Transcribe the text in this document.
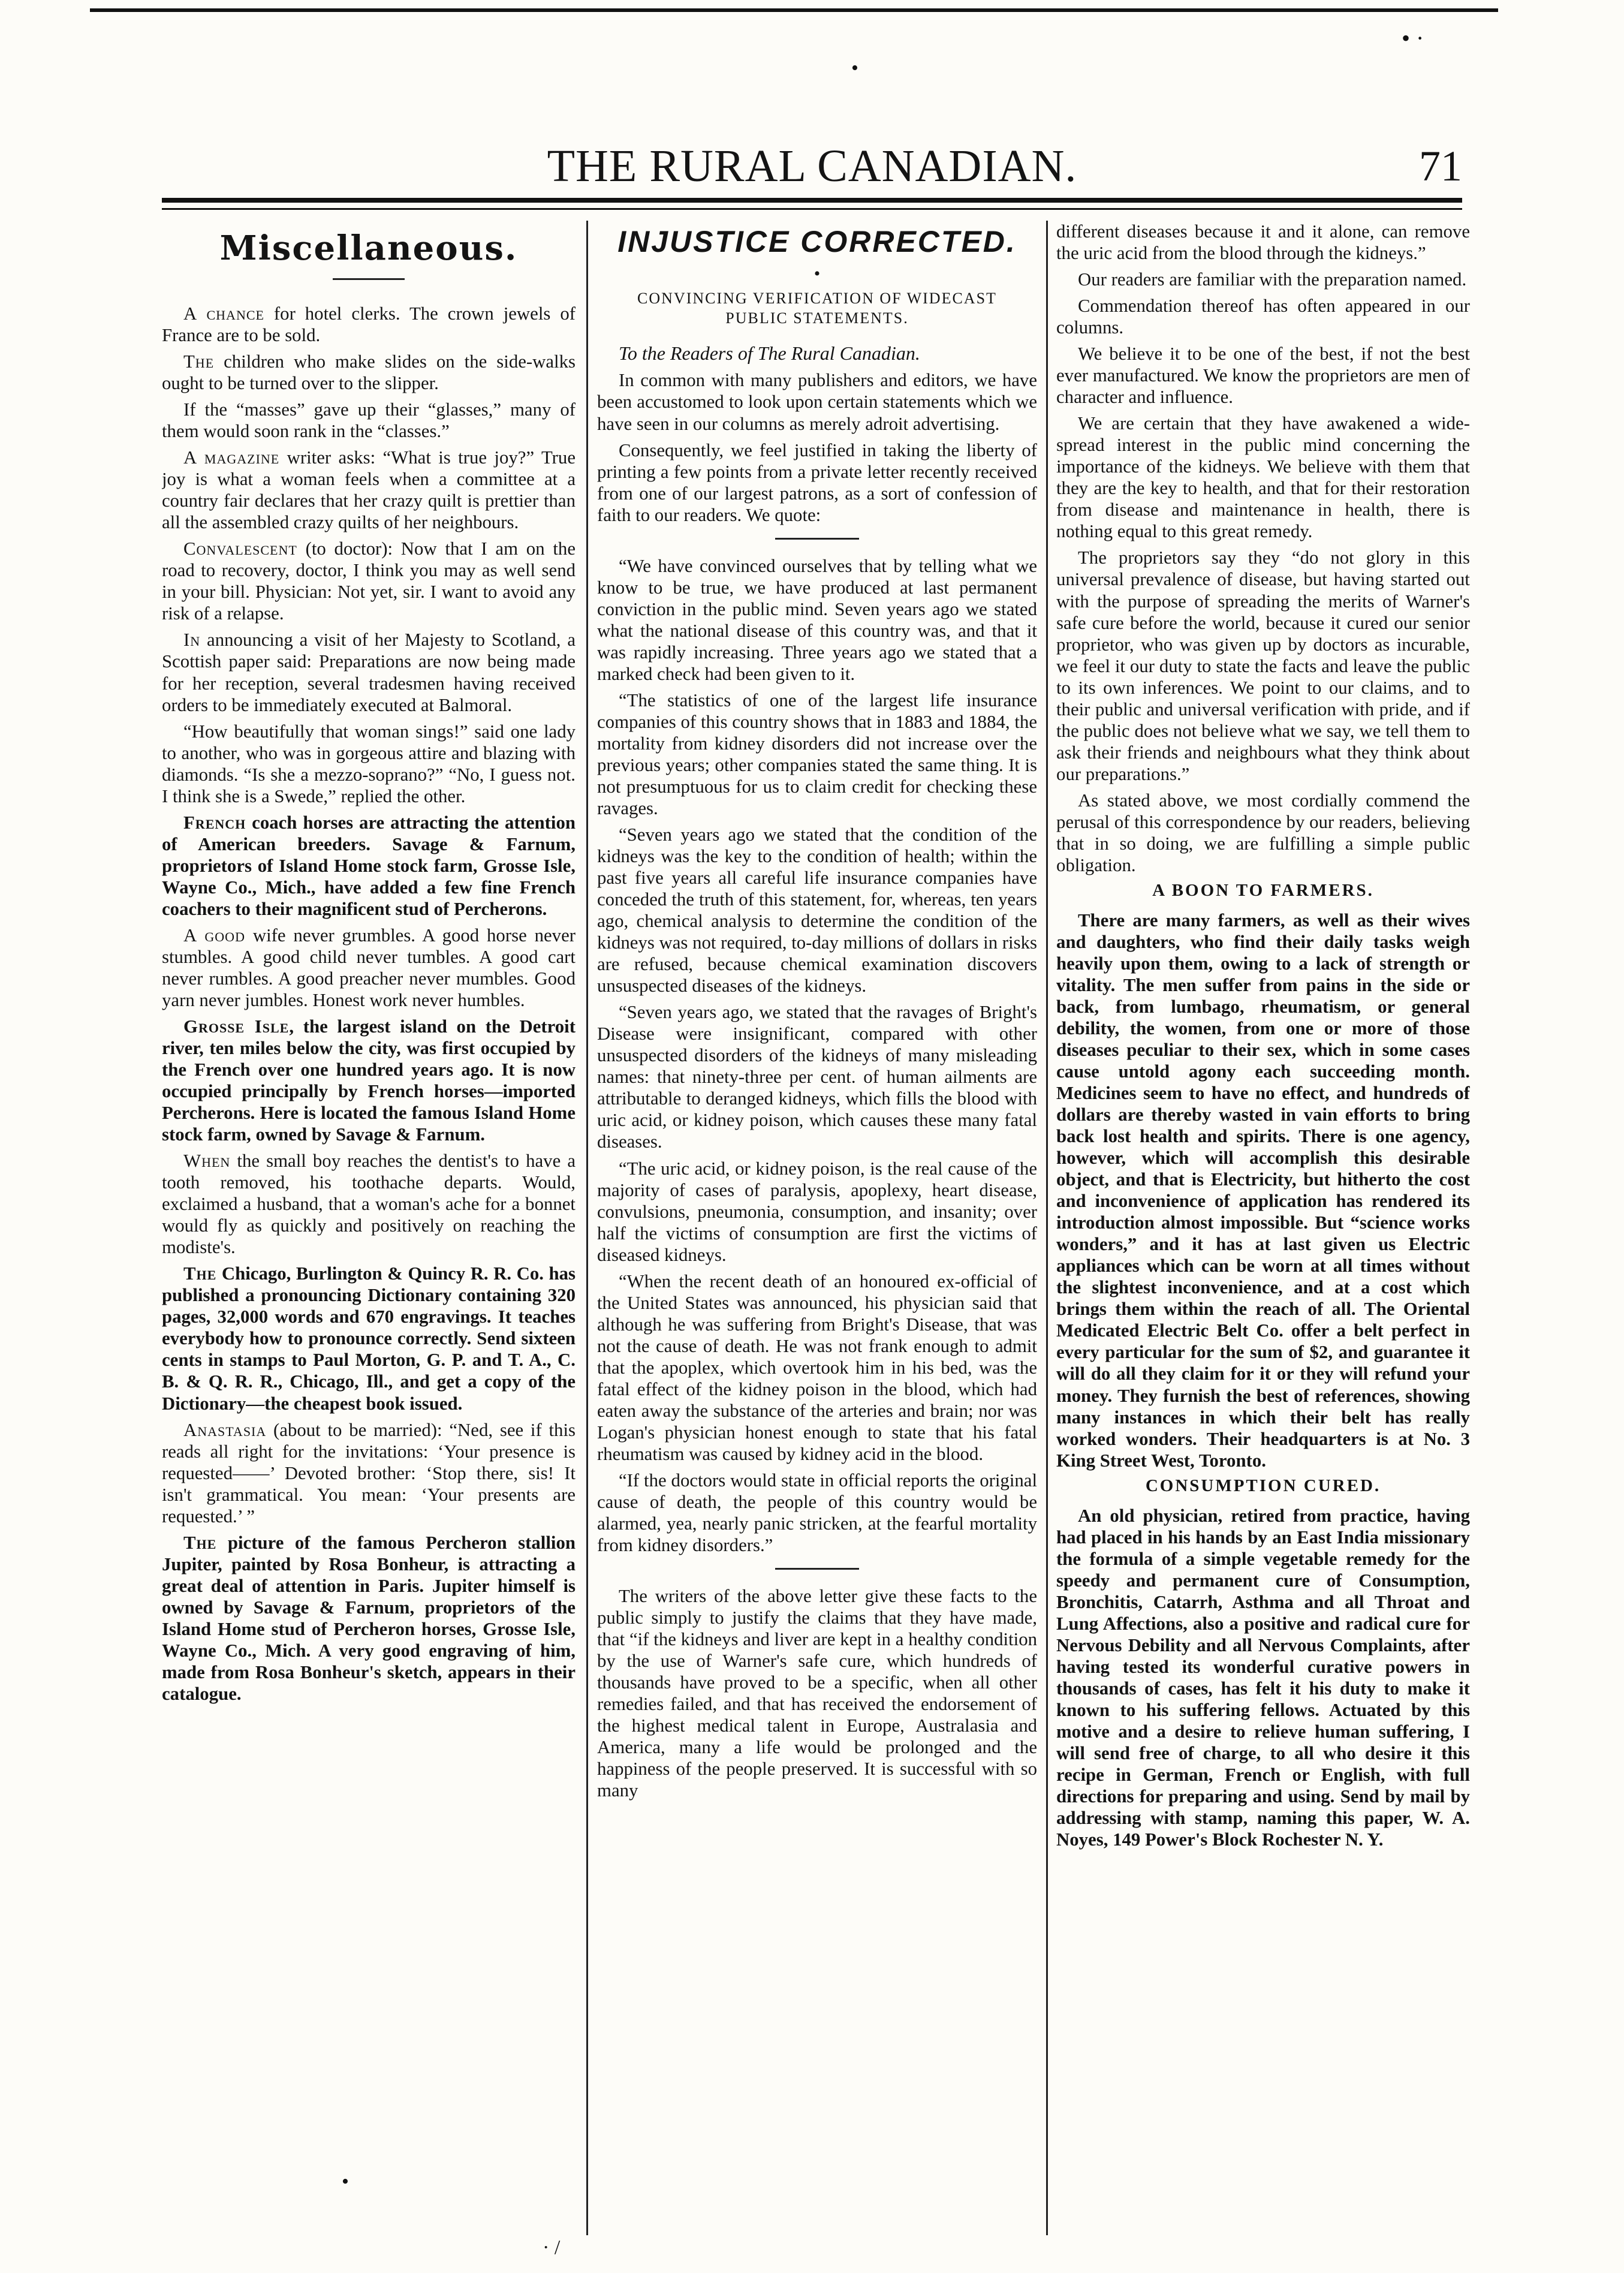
• ·
•
•
· /
THE RURAL CANADIAN.	71
Miscellaneous.

A chance for hotel clerks. The crown jewels of France are to be sold.

The children who make slides on the side-walks ought to be turned over to the slipper.

If the “masses” gave up their “glasses,” many of them would soon rank in the “classes.”

A magazine writer asks: “What is true joy?” True joy is what a woman feels when a committee at a country fair declares that her crazy quilt is prettier than all the assembled crazy quilts of her neighbours.

Convalescent (to doctor): Now that I am on the road to recovery, doctor, I think you may as well send in your bill. Physician: Not yet, sir. I want to avoid any risk of a relapse.

In announcing a visit of her Majesty to Scotland, a Scottish paper said: Preparations are now being made for her reception, several tradesmen having received orders to be immediately executed at Balmoral.

“How beautifully that woman sings!” said one lady to another, who was in gorgeous attire and blazing with diamonds. “Is she a mezzo-soprano?” “No, I guess not. I think she is a Swede,” replied the other.

French coach horses are attracting the attention of American breeders. Savage & Farnum, proprietors of Island Home stock farm, Grosse Isle, Wayne Co., Mich., have added a few fine French coachers to their magnificent stud of Percherons.

A good wife never grumbles. A good horse never stumbles. A good child never tumbles. A good cart never rumbles. A good preacher never mumbles. Good yarn never jumbles. Honest work never humbles.

Grosse Isle, the largest island on the Detroit river, ten miles below the city, was first occupied by the French over one hundred years ago. It is now occupied principally by French horses—imported Percherons. Here is located the famous Island Home stock farm, owned by Savage & Farnum.

When the small boy reaches the dentist's to have a tooth removed, his toothache departs. Would, exclaimed a husband, that a woman's ache for a bonnet would fly as quickly and positively on reaching the modiste's.

The Chicago, Burlington & Quincy R. R. Co. has published a pronouncing Dictionary containing 320 pages, 32,000 words and 670 engravings. It teaches everybody how to pronounce correctly. Send sixteen cents in stamps to Paul Morton, G. P. and T. A., C. B. & Q. R. R., Chicago, Ill., and get a copy of the Dictionary—the cheapest book issued.

Anastasia (about to be married): “Ned, see if this reads all right for the invitations: ‘Your presence is requested——’ Devoted brother: ‘Stop there, sis! It isn't grammatical. You mean: ‘Your presents are requested.’ ”

The picture of the famous Percheron stallion Jupiter, painted by Rosa Bonheur, is attracting a great deal of attention in Paris. Jupiter himself is owned by Savage & Farnum, proprietors of the Island Home stud of Percheron horses, Grosse Isle, Wayne Co., Mich. A very good engraving of him, made from Rosa Bonheur's sketch, appears in their catalogue.

INJUSTICE CORRECTED.
•
CONVINCING VERIFICATION OF WIDECAST PUBLIC STATEMENTS.

To the Readers of The Rural Canadian.

In common with many publishers and editors, we have been accustomed to look upon certain statements which we have seen in our columns as merely adroit advertising.

Consequently, we feel justified in taking the liberty of printing a few points from a private letter recently received from one of our largest patrons, as a sort of confession of faith to our readers. We quote:

“We have convinced ourselves that by telling what we know to be true, we have produced at last permanent conviction in the public mind. Seven years ago we stated what the national disease of this country was, and that it was rapidly increasing. Three years ago we stated that a marked check had been given to it.

“The statistics of one of the largest life insurance companies of this country shows that in 1883 and 1884, the mortality from kidney disorders did not increase over the previous years; other companies stated the same thing. It is not presumptuous for us to claim credit for checking these ravages.

“Seven years ago we stated that the condition of the kidneys was the key to the condition of health; within the past five years all careful life insurance companies have conceded the truth of this statement, for, whereas, ten years ago, chemical analysis to determine the condition of the kidneys was not required, to-day millions of dollars in risks are refused, because chemical examination discovers unsuspected diseases of the kidneys.

“Seven years ago, we stated that the ravages of Bright's Disease were insignificant, compared with other unsuspected disorders of the kidneys of many misleading names: that ninety-three per cent. of human ailments are attributable to deranged kidneys, which fills the blood with uric acid, or kidney poison, which causes these many fatal diseases.

“The uric acid, or kidney poison, is the real cause of the majority of cases of paralysis, apoplexy, heart disease, convulsions, pneumonia, consumption, and insanity; over half the victims of consumption are first the victims of diseased kidneys.

“When the recent death of an honoured ex-official of the United States was announced, his physician said that although he was suffering from Bright's Disease, that was not the cause of death. He was not frank enough to admit that the apoplex, which overtook him in his bed, was the fatal effect of the kidney poison in the blood, which had eaten away the substance of the arteries and brain; nor was Logan's physician honest enough to state that his fatal rheumatism was caused by kidney acid in the blood.

“If the doctors would state in official reports the original cause of death, the people of this country would be alarmed, yea, nearly panic stricken, at the fearful mortality from kidney disorders.”

The writers of the above letter give these facts to the public simply to justify the claims that they have made, that “if the kidneys and liver are kept in a healthy condition by the use of Warner's safe cure, which hundreds of thousands have proved to be a specific, when all other remedies failed, and that has received the endorsement of the highest medical talent in Europe, Australasia and America, many a life would be prolonged and the happiness of the people preserved. It is successful with so many

different diseases because it and it alone, can remove the uric acid from the blood through the kidneys.”

Our readers are familiar with the preparation named.

Commendation thereof has often appeared in our columns.

We believe it to be one of the best, if not the best ever manufactured. We know the proprietors are men of character and influence.

We are certain that they have awakened a wide-spread interest in the public mind concerning the importance of the kidneys. We believe with them that they are the key to health, and that for their restoration from disease and maintenance in health, there is nothing equal to this great remedy.

The proprietors say they “do not glory in this universal prevalence of disease, but having started out with the purpose of spreading the merits of Warner's safe cure before the world, because it cured our senior proprietor, who was given up by doctors as incurable, we feel it our duty to state the facts and leave the public to its own inferences. We point to our claims, and to their public and universal verification with pride, and if the public does not believe what we say, we tell them to ask their friends and neighbours what they think about our preparations.”

As stated above, we most cordially commend the perusal of this correspondence by our readers, believing that in so doing, we are fulfilling a simple public obligation.

A BOON TO FARMERS.

There are many farmers, as well as their wives and daughters, who find their daily tasks weigh heavily upon them, owing to a lack of strength or vitality. The men suffer from pains in the side or back, from lumbago, rheumatism, or general debility, the women, from one or more of those diseases peculiar to their sex, which in some cases cause untold agony each succeeding month. Medicines seem to have no effect, and hundreds of dollars are thereby wasted in vain efforts to bring back lost health and spirits. There is one agency, however, which will accomplish this desirable object, and that is Electricity, but hitherto the cost and inconvenience of application has rendered its introduction almost impossible. But “science works wonders,” and it has at last given us Electric appliances which can be worn at all times without the slightest inconvenience, and at a cost which brings them within the reach of all. The Oriental Medicated Electric Belt Co. offer a belt perfect in every particular for the sum of $2, and guarantee it will do all they claim for it or they will refund your money. They furnish the best of references, showing many instances in which their belt has really worked wonders. Their headquarters is at No. 3 King Street West, Toronto.

CONSUMPTION CURED.

An old physician, retired from practice, having had placed in his hands by an East India missionary the formula of a simple vegetable remedy for the speedy and permanent cure of Consumption, Bronchitis, Catarrh, Asthma and all Throat and Lung Affections, also a positive and radical cure for Nervous Debility and all Nervous Complaints, after having tested its wonderful curative powers in thousands of cases, has felt it his duty to make it known to his suffering fellows. Actuated by this motive and a desire to relieve human suffering, I will send free of charge, to all who desire it this recipe in German, French or English, with full directions for preparing and using. Send by mail by addressing with stamp, naming this paper, W. A. Noyes, 149 Power's Block Rochester N. Y.
